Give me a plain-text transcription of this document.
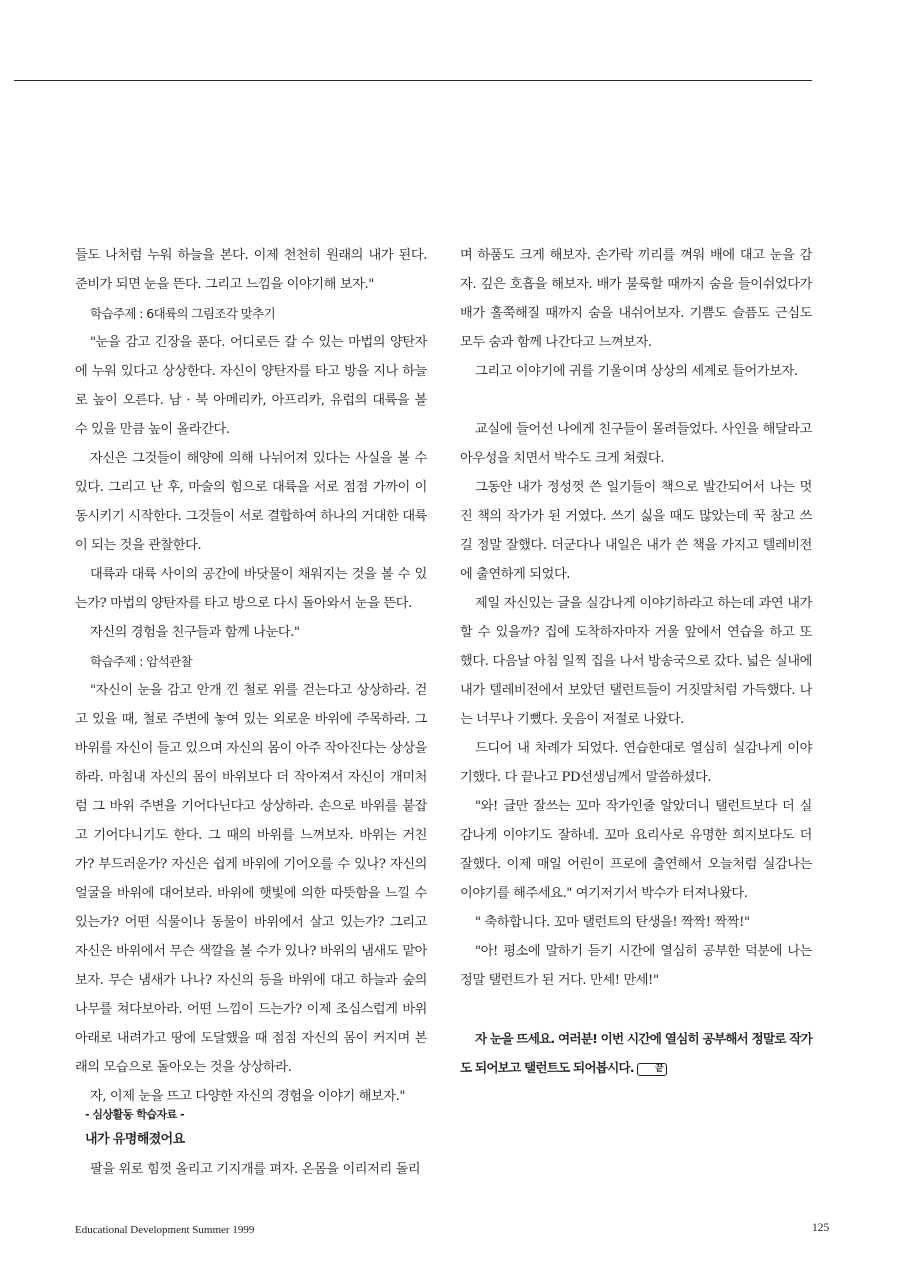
들도 나처럼 누워 하늘을 본다. 이제 천천히 원래의 내가 된다. 준비가 되면 눈을 뜬다. 그리고 느낌을 이야기해 보자."

학습주제 : 6대륙의 그림조각 맞추기

"눈을 감고 긴장을 푼다. 어디로든 갈 수 있는 마법의 양탄자에 누워 있다고 상상한다. 자신이 양탄자를 타고 방을 지나 하늘로 높이 오른다. 남 · 북 아메리카, 아프리카, 유럽의 대륙을 볼 수 있을 만큼 높이 올라간다.

자신은 그것들이 해양에 의해 나뉘어져 있다는 사실을 볼 수 있다. 그리고 난 후, 마술의 힘으로 대륙을 서로 점점 가까이 이동시키기 시작한다. 그것들이 서로 결합하여 하나의 거대한 대륙이 되는 것을 관찰한다.

대륙과 대륙 사이의 공간에 바닷물이 채워지는 것을 볼 수 있는가? 마법의 양탄자를 타고 방으로 다시 돌아와서 눈을 뜬다.

자신의 경험을 친구들과 함께 나눈다."

학습주제 : 암석관찰

"자신이 눈을 감고 안개 낀 철로 위를 걷는다고 상상하라. 걷고 있을 때, 철로 주변에 놓여 있는 외로운 바위에 주목하라. 그 바위를 자신이 들고 있으며 자신의 몸이 아주 작아진다는 상상을 하라. 마침내 자신의 몸이 바위보다 더 작아져서 자신이 개미처럼 그 바위 주변을 기어다닌다고 상상하라. 손으로 바위를 붙잡고 기어다니기도 한다. 그 때의 바위를 느껴보자. 바위는 거친가? 부드러운가? 자신은 쉽게 바위에 기어오를 수 있나? 자신의 얼굴을 바위에 대어보라. 바위에 햇빛에 의한 따뜻함을 느낄 수 있는가? 어떤 식물이나 동물이 바위에서 살고 있는가? 그리고 자신은 바위에서 무슨 색깔을 볼 수가 있나? 바위의 냄새도 맡아보자. 무슨 냄새가 나나? 자신의 등을 바위에 대고 하늘과 숲의 나무를 쳐다보아라. 어떤 느낌이 드는가? 이제 조심스럽게 바위 아래로 내려가고 땅에 도달했을 때 점점 자신의 몸이 커지며 본래의 모습으로 돌아오는 것을 상상하라.

자, 이제 눈을 뜨고 다양한 자신의 경험을 이야기 해보자."

- 심상활동 학습자료 -

내가 유명해졌어요

팔을 위로 힘껏 올리고 기지개를 펴자. 온몸을 이리저리 돌리

며 하품도 크게 해보자. 손가락 끼리를 껴워 배에 대고 눈을 감자. 깊은 호흡을 해보자. 배가 불룩할 때까지 숨을 들이쉬었다가 배가 홀쭉해질 때까지 숨을 내쉬어보자. 기쁨도 슬픔도 근심도 모두 숨과 함께 나간다고 느껴보자.

그리고 이야기에 귀를 기울이며 상상의 세계로 들어가보자.

교실에 들어선 나에게 친구들이 몰려들었다. 사인을 해달라고 아우성을 치면서 박수도 크게 쳐줬다.

그동안 내가 정성껏 쓴 일기들이 책으로 발간되어서 나는 멋진 책의 작가가 된 거였다. 쓰기 싫을 때도 많았는데 꾹 참고 쓰길 정말 잘했다. 더군다나 내일은 내가 쓴 책을 가지고 텔레비전에 출연하게 되었다.

제일 자신있는 글을 실감나게 이야기하라고 하는데 과연 내가 할 수 있을까? 집에 도착하자마자 거울 앞에서 연습을 하고 또 했다. 다음날 아침 일찍 집을 나서 방송국으로 갔다. 넓은 실내에 내가 텔레비전에서 보았던 탤런트들이 거짓말처럼 가득했다. 나는 너무나 기뻤다. 웃음이 저절로 나왔다.

드디어 내 차례가 되었다. 연습한대로 열심히 실감나게 이야기했다. 다 끝나고 PD선생님께서 말씀하셨다.

"와! 글만 잘쓰는 꼬마 작가인줄 알았더니 탤런트보다 더 실감나게 이야기도 잘하네. 꼬마 요리사로 유명한 희지보다도 더 잘했다. 이제 매일 어린이 프로에 출연해서 오늘처럼 실감나는 이야기를 해주세요." 여기저기서 박수가 터져나왔다.

" 축하합니다. 꼬마 탤런트의 탄생을! 짝짝! 짝짝!"

"아! 평소에 말하기 듣기 시간에 열심히 공부한 덕분에 나는 정말 탤런트가 된 거다. 만세! 만세!"

자 눈을 뜨세요. 여러분! 이번 시간에 열심히 공부해서 정말로 작가도 되어보고 탤런트도 되어봅시다. 끝

Educational Development Summer 1999	125
